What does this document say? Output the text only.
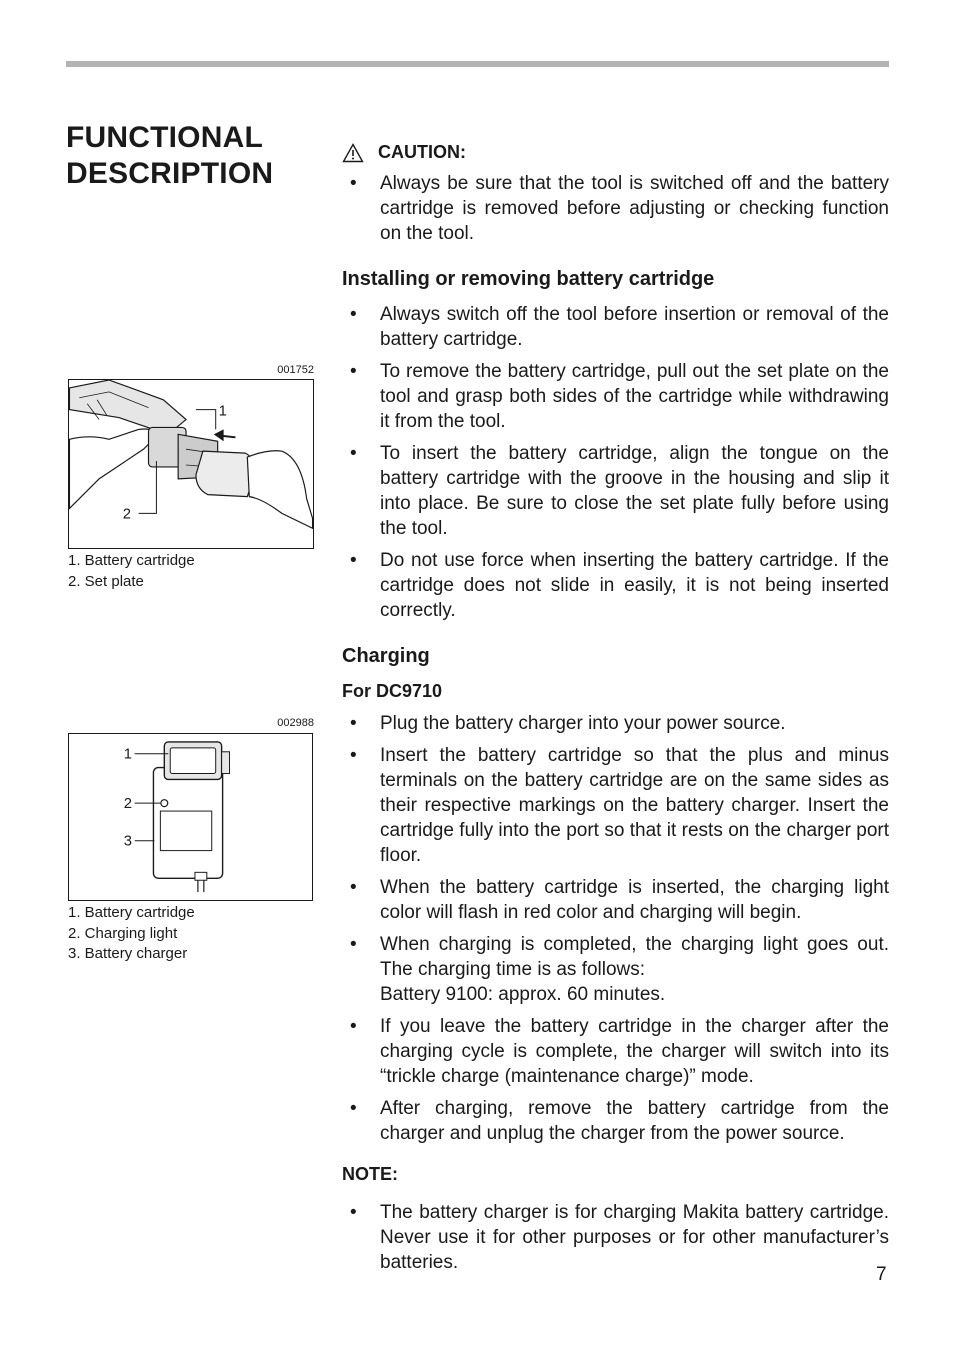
FUNCTIONAL DESCRIPTION
001752
1
2
1. Battery cartridge
2. Set plate
002988
1
2
3
1. Battery cartridge
2. Charging light
3. Battery charger
CAUTION:
• Always be sure that the tool is switched off and the battery cartridge is removed before adjusting or checking function on the tool.
Installing or removing battery cartridge
• Always switch off the tool before insertion or removal of the battery cartridge.
• To remove the battery cartridge, pull out the set plate on the tool and grasp both sides of the cartridge while withdrawing it from the tool.
• To insert the battery cartridge, align the tongue on the battery cartridge with the groove in the housing and slip it into place. Be sure to close the set plate fully before using the tool.
• Do not use force when inserting the battery cartridge. If the cartridge does not slide in easily, it is not being inserted correctly.
Charging
For DC9710
• Plug the battery charger into your power source.
• Insert the battery cartridge so that the plus and minus terminals on the battery cartridge are on the same sides as their respective markings on the battery charger. Insert the cartridge fully into the port so that it rests on the charger port floor.
• When the battery cartridge is inserted, the charging light color will flash in red color and charging will begin.
• When charging is completed, the charging light goes out. The charging time is as follows:
Battery 9100: approx. 60 minutes.
• If you leave the battery cartridge in the charger after the charging cycle is complete, the charger will switch into its “trickle charge (maintenance charge)” mode.
• After charging, remove the battery cartridge from the charger and unplug the charger from the power source.
NOTE:
• The battery charger is for charging Makita battery cartridge. Never use it for other purposes or for other manufacturer’s batteries.
7
